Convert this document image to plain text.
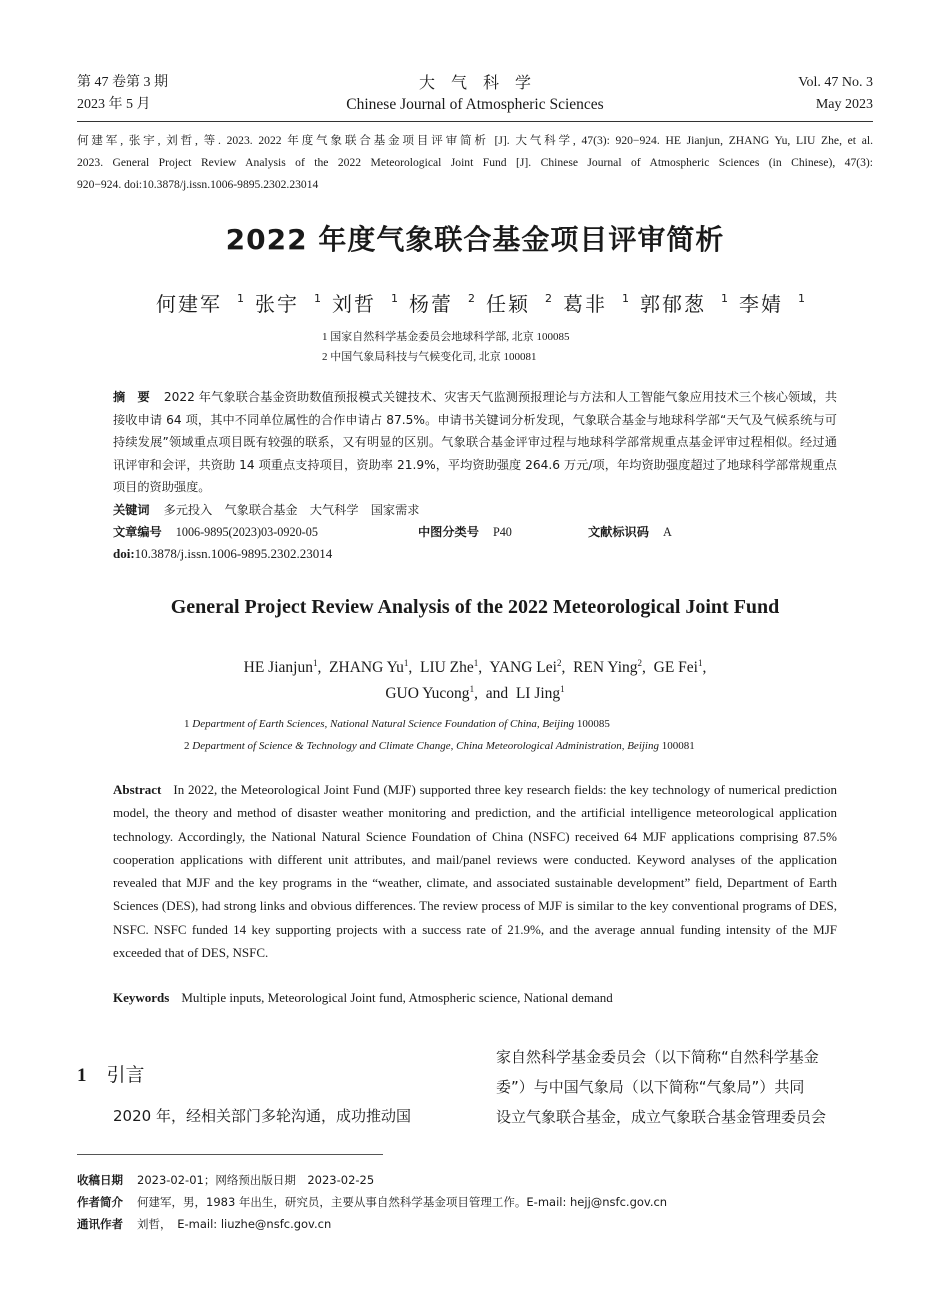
第 47 卷第 3 期
2023 年 5 月
大　气　科　学
Chinese Journal of Atmospheric Sciences
Vol. 47 No. 3
May 2023
何建军, 张宇, 刘哲, 等. 2023. 2022 年度气象联合基金项目评审简析 [J]. 大气科学, 47(3): 920−924. HE Jianjun, ZHANG Yu, LIU Zhe, et al.
2023. General Project Review Analysis of the 2022 Meteorological Joint Fund [J]. Chinese Journal of Atmospheric Sciences (in Chinese), 47(3):
920−924. doi:10.3878/j.issn.1006-9895.2302.23014
2022 年度气象联合基金项目评审简析
何建军 $^1$ 张宇 $^1$ 刘哲 $^1$ 杨蕾 $^2$ 任颖 $^2$ 葛非 $^1$ 郭郁葱 $^1$ 李婧 $^1$
1 国家自然科学基金委员会地球科学部, 北京 100085
2 中国气象局科技与气候变化司, 北京 100081
摘　要 2022 年气象联合基金资助数值预报模式关键技术、灾害天气监测预报理论与方法和人工智能气象应用技术三个核心领域，共接收申请 64 项，其中不同单位属性的合作申请占 87.5%。申请书关键词分析发现，气象联合基金与地球科学部“天气及气候系统与可持续发展”领域重点项目既有较强的联系，又有明显的区别。气象联合基金评审过程与地球科学部常规重点基金评审过程相似。经过通讯评审和会评，共资助 14 项重点支持项目，资助率 21.9%，平均资助强度 264.6 万元/项，年均资助强度超过了地球科学部常规重点项目的资助强度。
关键词 多元投入　气象联合基金　大气科学　国家需求
文章编号 1006-9895(2023)03-0920-05	中图分类号 P40	文献标识码 A
doi:10.3878/j.issn.1006-9895.2302.23014
General Project Review Analysis of the 2022 Meteorological Joint Fund
HE Jianjun$^1$,  ZHANG Yu$^1$,  LIU Zhe$^1$,  YANG Lei$^2$,  REN Ying$^2$,  GE Fei$^1$,
GUO Yucong$^1$,  and  LI Jing$^1$
1 Department of Earth Sciences, National Natural Science Foundation of China, Beijing 100085
2 Department of Science & Technology and Climate Change, China Meteorological Administration, Beijing 100081
Abstract In 2022, the Meteorological Joint Fund (MJF) supported three key research fields: the key technology of numerical prediction model, the theory and method of disaster weather monitoring and prediction, and the artificial intelligence meteorological application technology. Accordingly, the National Natural Science Foundation of China (NSFC) received 64 MJF applications comprising 87.5% cooperation applications with different unit attributes, and mail/panel reviews were conducted. Keyword analyses of the application revealed that MJF and the key programs in the “weather, climate, and associated sustainable development” field, Department of Earth Sciences (DES), had strong links and obvious differences. The review process of MJF is similar to the key conventional programs of DES, NSFC. NSFC funded 14 key supporting projects with a success rate of 21.9%, and the average annual funding intensity of the MJF exceeded that of DES, NSFC.
Keywords Multiple inputs, Meteorological Joint fund, Atmospheric science, National demand
1 引言
2020 年，经相关部门多轮沟通，成功推动国
家自然科学基金委员会（以下简称“自然科学基金
委”）与中国气象局（以下简称“气象局”）共同
设立气象联合基金，成立气象联合基金管理委员会
收稿日期 2023-02-01；网络预出版日期　2023-02-25
作者简介 何建军，男，1983 年出生，研究员，主要从事自然科学基金项目管理工作。E-mail: hejj@nsfc.gov.cn
通讯作者 刘哲，　E-mail: liuzhe@nsfc.gov.cn
